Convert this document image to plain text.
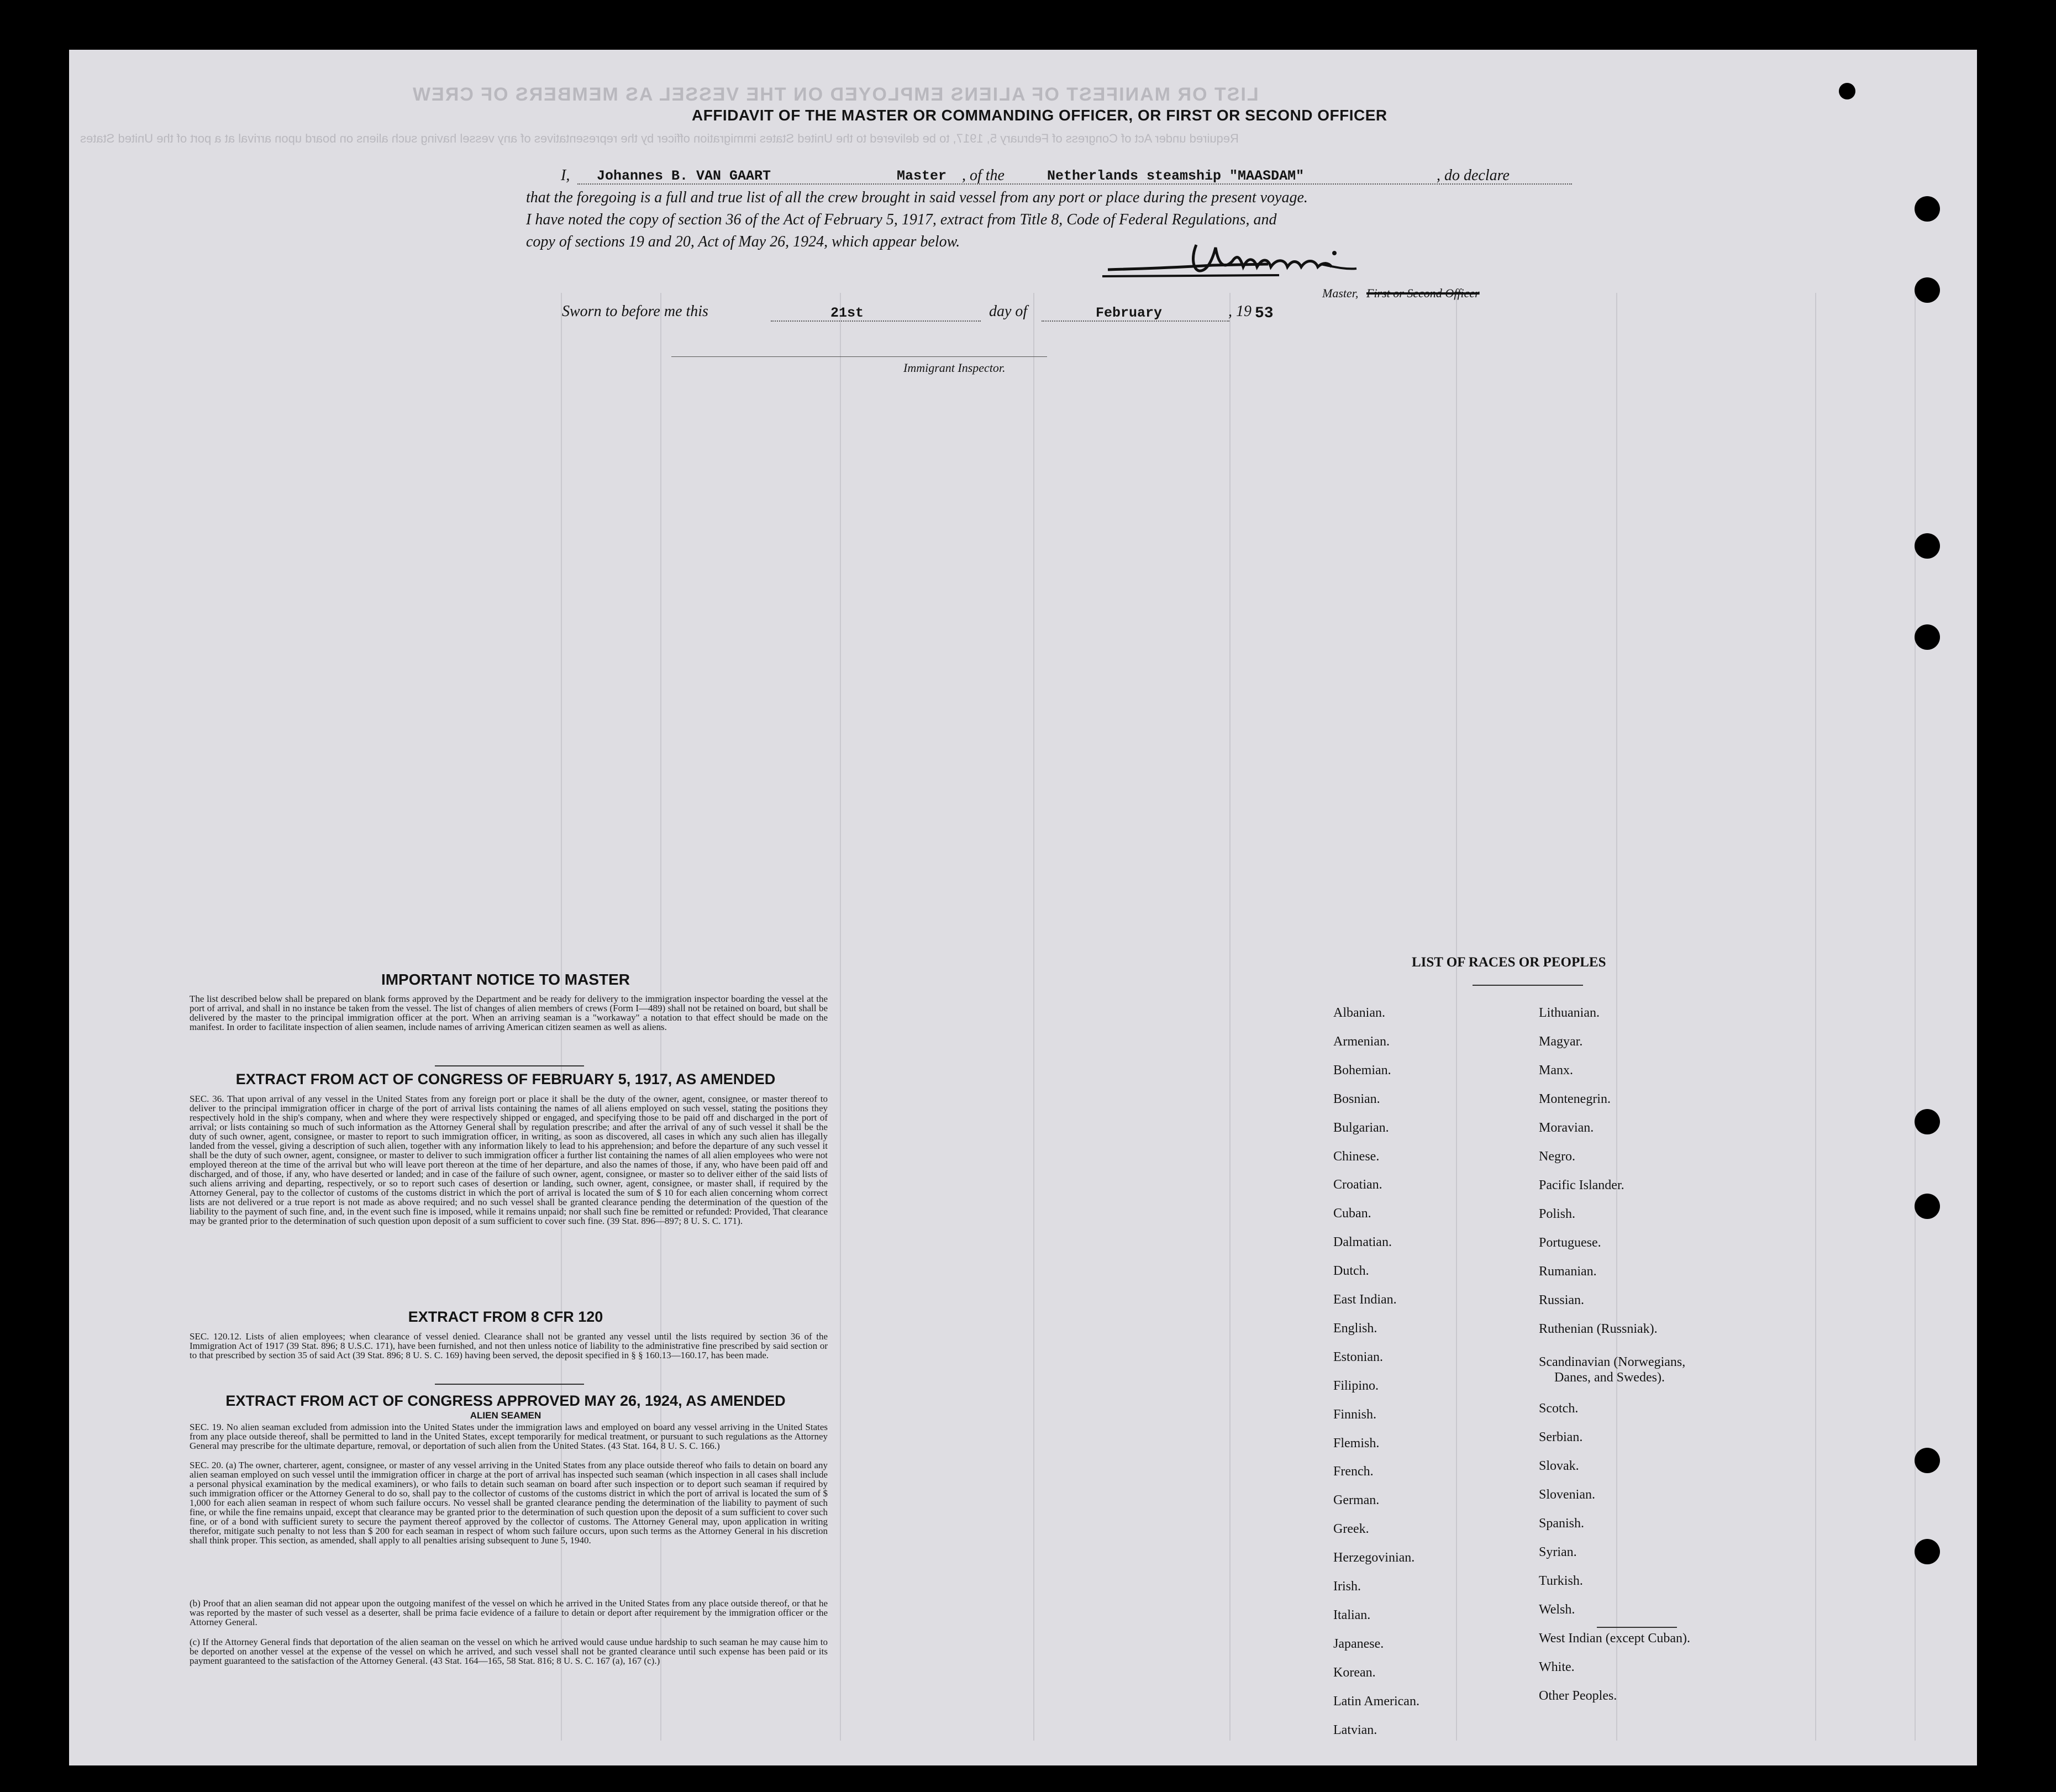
LIST OR MANIFEST OF ALIENS EMPLOYED ON THE VESSEL AS MEMBERS OF CREW
Required under Act of Congress of February 5, 1917, to be delivered to the United States immigration officer by the representatives of any vessel having such aliens on board upon arrival at a port of the United States
AFFIDAVIT OF THE MASTER OR COMMANDING OFFICER, OR FIRST OR SECOND OFFICER
I, Johannes B. VAN GAART	Master , of the	Netherlands steamship "MAASDAM"	, do declare
that the foregoing is a full and true list of all the crew brought in said vessel from any port or place during the present voyage.
I have noted the copy of section 36 of the Act of February 5, 1917, extract from Title 8, Code of Federal Regulations, and
copy of sections 19 and 20, Act of May 26, 1924, which appear below.
Master, First or Second Officer
Sworn to before me this	21st	day of	February	, 19 53
Immigrant Inspector.
IMPORTANT NOTICE TO MASTER
The list described below shall be prepared on blank forms approved by the Department and be ready for delivery to the immigration inspector boarding the vessel at the port of arrival, and shall in no instance be taken from the vessel. The list of changes of alien members of crews (Form I—489) shall not be retained on board, but shall be delivered by the master to the principal immigration officer at the port. When an arriving seaman is a "workaway" a notation to that effect should be made on the manifest. In order to facilitate inspection of alien seamen, include names of arriving American citizen seamen as well as aliens.
EXTRACT FROM ACT OF CONGRESS OF FEBRUARY 5, 1917, AS AMENDED
SEC. 36. That upon arrival of any vessel in the United States from any foreign port or place it shall be the duty of the owner, agent, consignee, or master thereof to deliver to the principal immigration officer in charge of the port of arrival lists containing the names of all aliens employed on such vessel, stating the positions they respectively hold in the ship's company, when and where they were respectively shipped or engaged, and specifying those to be paid off and discharged in the port of arrival; or lists containing so much of such information as the Attorney General shall by regulation prescribe; and after the arrival of any of such vessel it shall be the duty of such owner, agent, consignee, or master to report to such immigration officer, in writing, as soon as discovered, all cases in which any such alien has illegally landed from the vessel, giving a description of such alien, together with any information likely to lead to his apprehension; and before the departure of any such vessel it shall be the duty of such owner, agent, consignee, or master to deliver to such immigration officer a further list containing the names of all alien employees who were not employed thereon at the time of the arrival but who will leave port thereon at the time of her departure, and also the names of those, if any, who have been paid off and discharged, and of those, if any, who have deserted or landed; and in case of the failure of such owner, agent, consignee, or master so to deliver either of the said lists of such aliens arriving and departing, respectively, or so to report such cases of desertion or landing, such owner, agent, consignee, or master shall, if required by the Attorney General, pay to the collector of customs of the customs district in which the port of arrival is located the sum of $ 10 for each alien concerning whom correct lists are not delivered or a true report is not made as above required; and no such vessel shall be granted clearance pending the determination of the question of the liability to the payment of such fine, and, in the event such fine is imposed, while it remains unpaid; nor shall such fine be remitted or refunded: Provided, That clearance may be granted prior to the determination of such question upon deposit of a sum sufficient to cover such fine. (39 Stat. 896—897; 8 U. S. C. 171).
EXTRACT FROM 8 CFR 120
SEC. 120.12. Lists of alien employees; when clearance of vessel denied. Clearance shall not be granted any vessel until the lists required by section 36 of the Immigration Act of 1917 (39 Stat. 896; 8 U.S.C. 171), have been furnished, and not then unless notice of liability to the administrative fine prescribed by said section or to that prescribed by section 35 of said Act (39 Stat. 896; 8 U. S. C. 169) having been served, the deposit specified in § § 160.13—160.17, has been made.
EXTRACT FROM ACT OF CONGRESS APPROVED MAY 26, 1924, AS AMENDED
ALIEN SEAMEN
SEC. 19. No alien seaman excluded from admission into the United States under the immigration laws and employed on board any vessel arriving in the United States from any place outside thereof, shall be permitted to land in the United States, except temporarily for medical treatment, or pursuant to such regulations as the Attorney General may prescribe for the ultimate departure, removal, or deportation of such alien from the United States. (43 Stat. 164, 8 U. S. C. 166.)
SEC. 20. (a) The owner, charterer, agent, consignee, or master of any vessel arriving in the United States from any place outside thereof who fails to detain on board any alien seaman employed on such vessel until the immigration officer in charge at the port of arrival has inspected such seaman (which inspection in all cases shall include a personal physical examination by the medical examiners), or who fails to detain such seaman on board after such inspection or to deport such seaman if required by such immigration officer or the Attorney General to do so, shall pay to the collector of customs of the customs district in which the port of arrival is located the sum of $ 1,000 for each alien seaman in respect of whom such failure occurs. No vessel shall be granted clearance pending the determination of the liability to payment of such fine, or while the fine remains unpaid, except that clearance may be granted prior to the determination of such question upon the deposit of a sum sufficient to cover such fine, or of a bond with sufficient surety to secure the payment thereof approved by the collector of customs. The Attorney General may, upon application in writing therefor, mitigate such penalty to not less than $ 200 for each seaman in respect of whom such failure occurs, upon such terms as the Attorney General in his discretion shall think proper. This section, as amended, shall apply to all penalties arising subsequent to June 5, 1940.
(b) Proof that an alien seaman did not appear upon the outgoing manifest of the vessel on which he arrived in the United States from any place outside thereof, or that he was reported by the master of such vessel as a deserter, shall be prima facie evidence of a failure to detain or deport after requirement by the immigration officer or the Attorney General.
(c) If the Attorney General finds that deportation of the alien seaman on the vessel on which he arrived would cause undue hardship to such seaman he may cause him to be deported on another vessel at the expense of the vessel on which he arrived, and such vessel shall not be granted clearance until such expense has been paid or its payment guaranteed to the satisfaction of the Attorney General. (43 Stat. 164—165, 58 Stat. 816; 8 U. S. C. 167 (a), 167 (c).)
LIST OF RACES OR PEOPLES
Albanian.
Armenian.
Bohemian.
Bosnian.
Bulgarian.
Chinese.
Croatian.
Cuban.
Dalmatian.
Dutch.
East Indian.
English.
Estonian.
Filipino.
Finnish.
Flemish.
French.
German.
Greek.
Herzegovinian.
Irish.
Italian.
Japanese.
Korean.
Latin American.
Latvian.
Lithuanian.
Magyar.
Manx.
Montenegrin.
Moravian.
Negro.
Pacific Islander.
Polish.
Portuguese.
Rumanian.
Russian.
Ruthenian (Russniak).
Scandinavian (Norwegians,
Danes, and Swedes).
Scotch.
Serbian.
Slovak.
Slovenian.
Spanish.
Syrian.
Turkish.
Welsh.
West Indian (except Cuban).
White.
Other Peoples.
